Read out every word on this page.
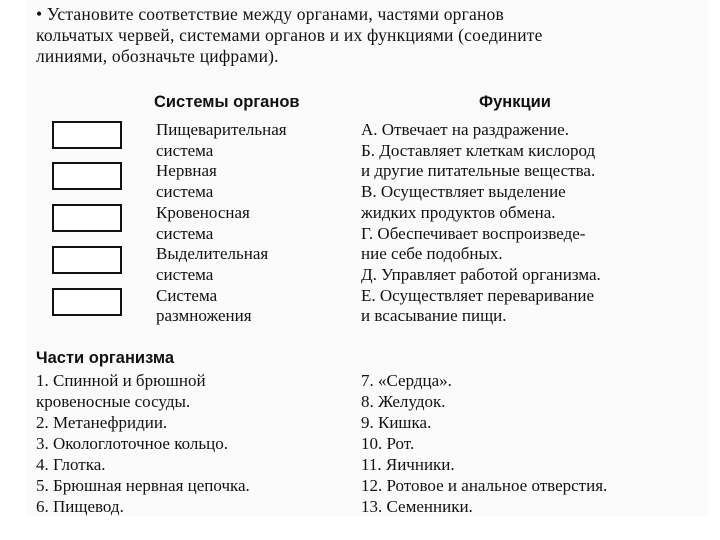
• Установите соответствие между органами, частями органов
кольчатых червей, системами органов и их функциями (соедините
линиями, обозначьте цифрами).
Системы органов	Функции
Пищеварительная
система
Нервная
система
Кровеносная
система
Выделительная
система
Система
размножения
А. Отвечает на раздражение.
Б. Доставляет клеткам кислород
и другие питательные вещества.
В. Осуществляет выделение
жидких продуктов обмена.
Г. Обеспечивает воспроизведе-
ние себе подобных.
Д. Управляет работой организма.
Е. Осуществляет переваривание
и всасывание пищи.
Части организма
1. Спинной и брюшной
кровеносные сосуды.
2. Метанефридии.
3. Окологлоточное кольцо.
4. Глотка.
5. Брюшная нервная цепочка.
6. Пищевод.
7. «Сердца».
8. Желудок.
9. Кишка.
10. Рот.
11. Яичники.
12. Ротовое и анальное отверстия.
13. Семенники.
